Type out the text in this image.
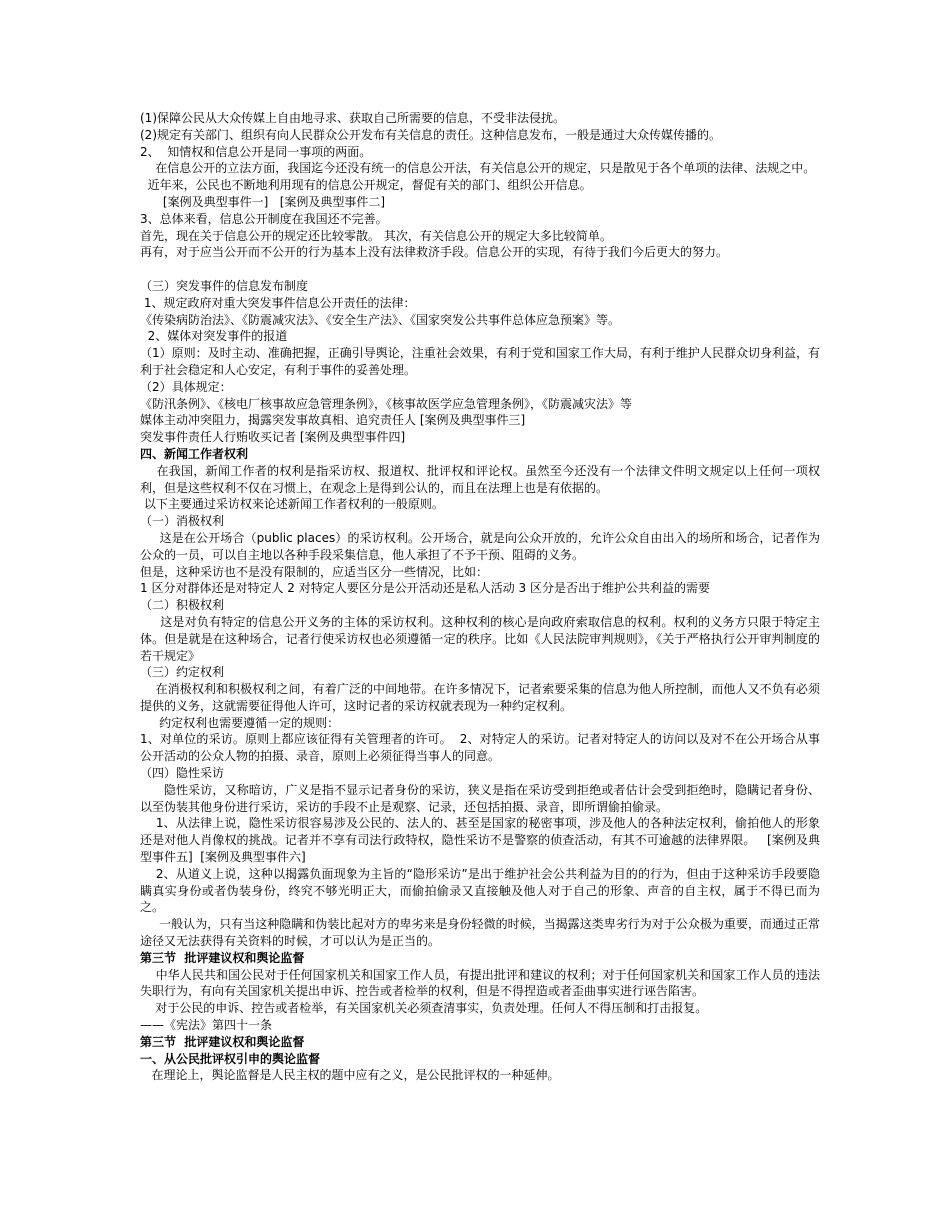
(1)保障公民从大众传媒上自由地寻求、获取自己所需要的信息，不受非法侵扰。

(2)规定有关部门、组织有向人民群众公开发布有关信息的责任。这种信息发布，一般是通过大众传媒传播的。

2、  知情权和信息公开是同一事项的两面。

在信息公开的立法方面，我国迄今还没有统一的信息公开法，有关信息公开的规定，只是散见于各个单项的法律、法规之中。

近年来，公民也不断地利用现有的信息公开规定，督促有关的部门、组织公开信息。

[案例及典型事件一]   [案例及典型事件二]

3、总体来看，信息公开制度在我国还不完善。

首先，现在关于信息公开的规定还比较零散。 其次，有关信息公开的规定大多比较简单。

再有，对于应当公开而不公开的行为基本上没有法律救济手段。信息公开的实现，有待于我们今后更大的努力。

（三）突发事件的信息发布制度

1、规定政府对重大突发事件信息公开责任的法律：

《传染病防治法》、《防震减灾法》、《安全生产法》、《国家突发公共事件总体应急预案》等。

2、媒体对突发事件的报道

（1）原则：及时主动、准确把握，正确引导舆论，注重社会效果，有利于党和国家工作大局，有利于维护人民群众切身利益，有利于社会稳定和人心安定，有利于事件的妥善处理。

（2）具体规定：

《防汛条例》、《核电厂核事故应急管理条例》，《核事故医学应急管理条例》，《防震减灾法》等

媒体主动冲突阻力，揭露突发事故真相、追究责任人 [案例及典型事件三]

突发事件责任人行贿收买记者 [案例及典型事件四]

四、新闻工作者权利

在我国，新闻工作者的权利是指采访权、报道权、批评权和评论权。虽然至今还没有一个法律文件明文规定以上任何一项权利，但是这些权利不仅在习惯上，在观念上是得到公认的，而且在法理上也是有依据的。

以下主要通过采访权来论述新闻工作者权利的一般原则。

（一）消极权利

这是在公开场合（public places）的采访权利。公开场合，就是向公众开放的，允许公众自由出入的场所和场合，记者作为公众的一员，可以自主地以各种手段采集信息，他人承担了不予干预、阻碍的义务。

但是，这种采访也不是没有限制的，应适当区分一些情况，比如：

1 区分对群体还是对特定人 2 对特定人要区分是公开活动还是私人活动 3 区分是否出于维护公共利益的需要

（二）积极权利

这是对负有特定的信息公开义务的主体的采访权利。这种权利的核心是向政府索取信息的权利。权利的义务方只限于特定主体。但是就是在这种场合，记者行使采访权也必须遵循一定的秩序。比如《人民法院审判规则》，《关于严格执行公开审判制度的若干规定》

（三）约定权利

在消极权利和积极权利之间，有着广泛的中间地带。在许多情况下，记者索要采集的信息为他人所控制，而他人又不负有必须提供的义务，这就需要征得他人许可，这时记者的采访权就表现为一种约定权利。

约定权利也需要遵循一定的规则：

1、对单位的采访。原则上都应该征得有关管理者的许可。  2、对特定人的采访。记者对特定人的访问以及对不在公开场合从事公开活动的公众人物的拍摄、录音，原则上必须征得当事人的同意。

（四）隐性采访

隐性采访，又称暗访，广义是指不显示记者身份的采访，狭义是指在采访受到拒绝或者估计会受到拒绝时，隐瞒记者身份、以至伪装其他身份进行采访，采访的手段不止是观察、记录，还包括拍摄、录音，即所谓偷拍偷录。

1、从法律上说，隐性采访很容易涉及公民的、法人的、甚至是国家的秘密事项，涉及他人的各种法定权利，偷拍他人的形象还是对他人肖像权的挑战。记者并不享有司法行政特权，隐性采访不是警察的侦查活动，有其不可逾越的法律界限。   [案例及典型事件五]  [案例及典型事件六]

2、从道义上说，这种以揭露负面现象为主旨的“隐形采访”是出于维护社会公共利益为目的的行为，但由于这种采访手段要隐瞒真实身份或者伪装身份，终究不够光明正大，而偷拍偷录又直接触及他人对于自己的形象、声音的自主权，属于不得已而为之。

一般认为，只有当这种隐瞒和伪装比起对方的卑劣来是身份轻微的时候，当揭露这类卑劣行为对于公众极为重要，而通过正常途径又无法获得有关资料的时候，才可以认为是正当的。

第三节  批评建议权和舆论监督

中华人民共和国公民对于任何国家机关和国家工作人员，有提出批评和建议的权利；对于任何国家机关和国家工作人员的违法失职行为，有向有关国家机关提出申诉、控告或者检举的权利，但是不得捏造或者歪曲事实进行诬告陷害。

对于公民的申诉、控告或者检举，有关国家机关必须查清事实，负责处理。任何人不得压制和打击报复。

——《宪法》第四十一条

第三节  批评建议权和舆论监督

一、从公民批评权引申的舆论监督

在理论上，舆论监督是人民主权的题中应有之义，是公民批评权的一种延伸。
